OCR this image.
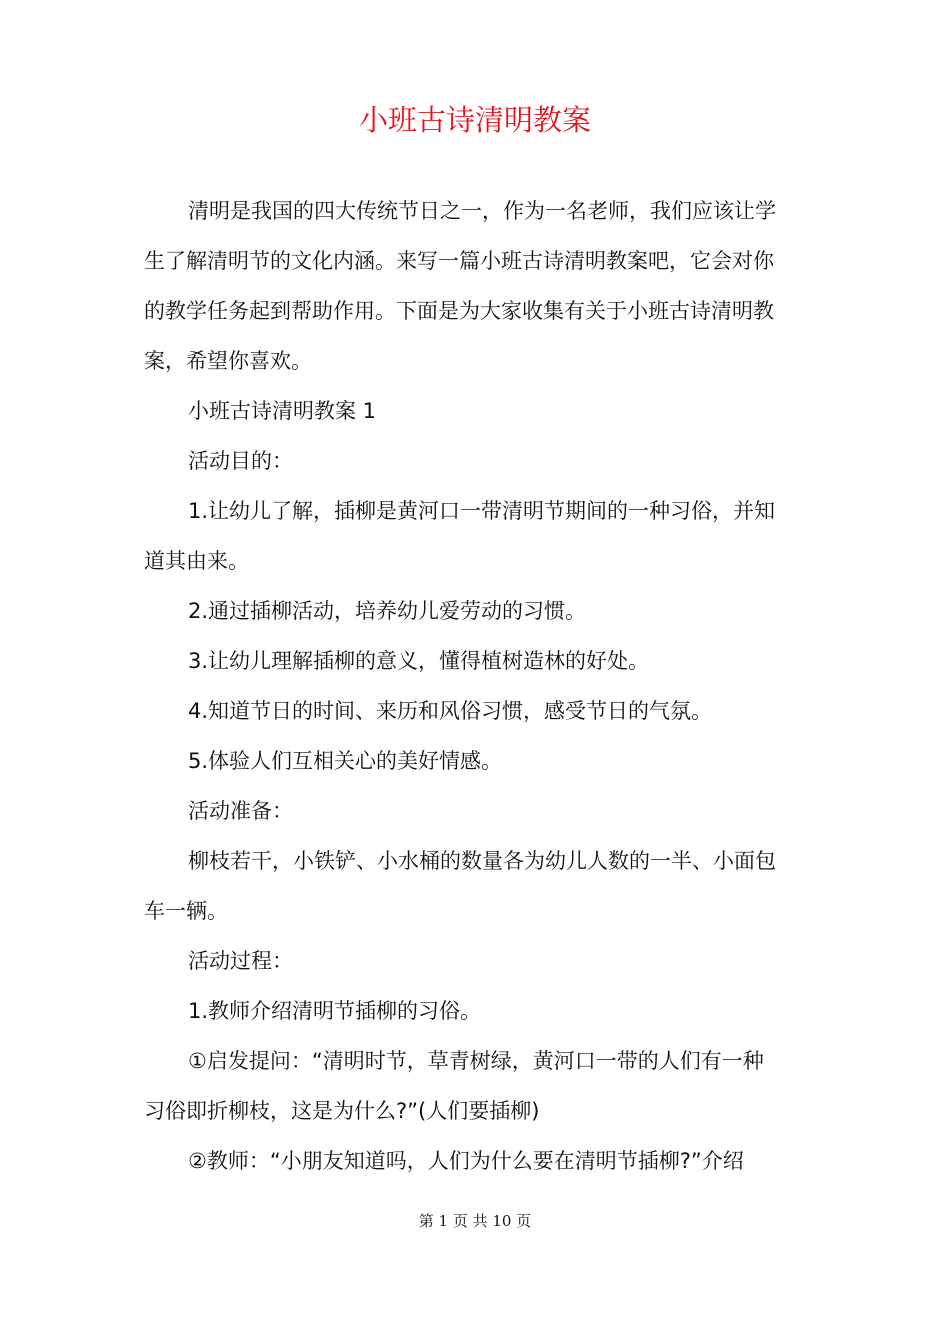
小班古诗清明教案

清明是我国的四大传统节日之一，作为一名老师，我们应该让学

生了解清明节的文化内涵。来写一篇小班古诗清明教案吧，它会对你

的教学任务起到帮助作用。下面是为大家收集有关于小班古诗清明教

案，希望你喜欢。

小班古诗清明教案 1

活动目的：

1.让幼儿了解，插柳是黄河口一带清明节期间的一种习俗，并知

道其由来。

2.通过插柳活动，培养幼儿爱劳动的习惯。

3.让幼儿理解插柳的意义，懂得植树造林的好处。

4.知道节日的时间、来历和风俗习惯，感受节日的气氛。

5.体验人们互相关心的美好情感。

活动准备：

柳枝若干，小铁铲、小水桶的数量各为幼儿人数的一半、小面包

车一辆。

活动过程：

1.教师介绍清明节插柳的习俗。

①启发提问：“清明时节，草青树绿，黄河口一带的人们有一种

习俗即折柳枝，这是为什么?”(人们要插柳)

②教师：“小朋友知道吗，人们为什么要在清明节插柳?”介绍

第 1 页 共 10 页
